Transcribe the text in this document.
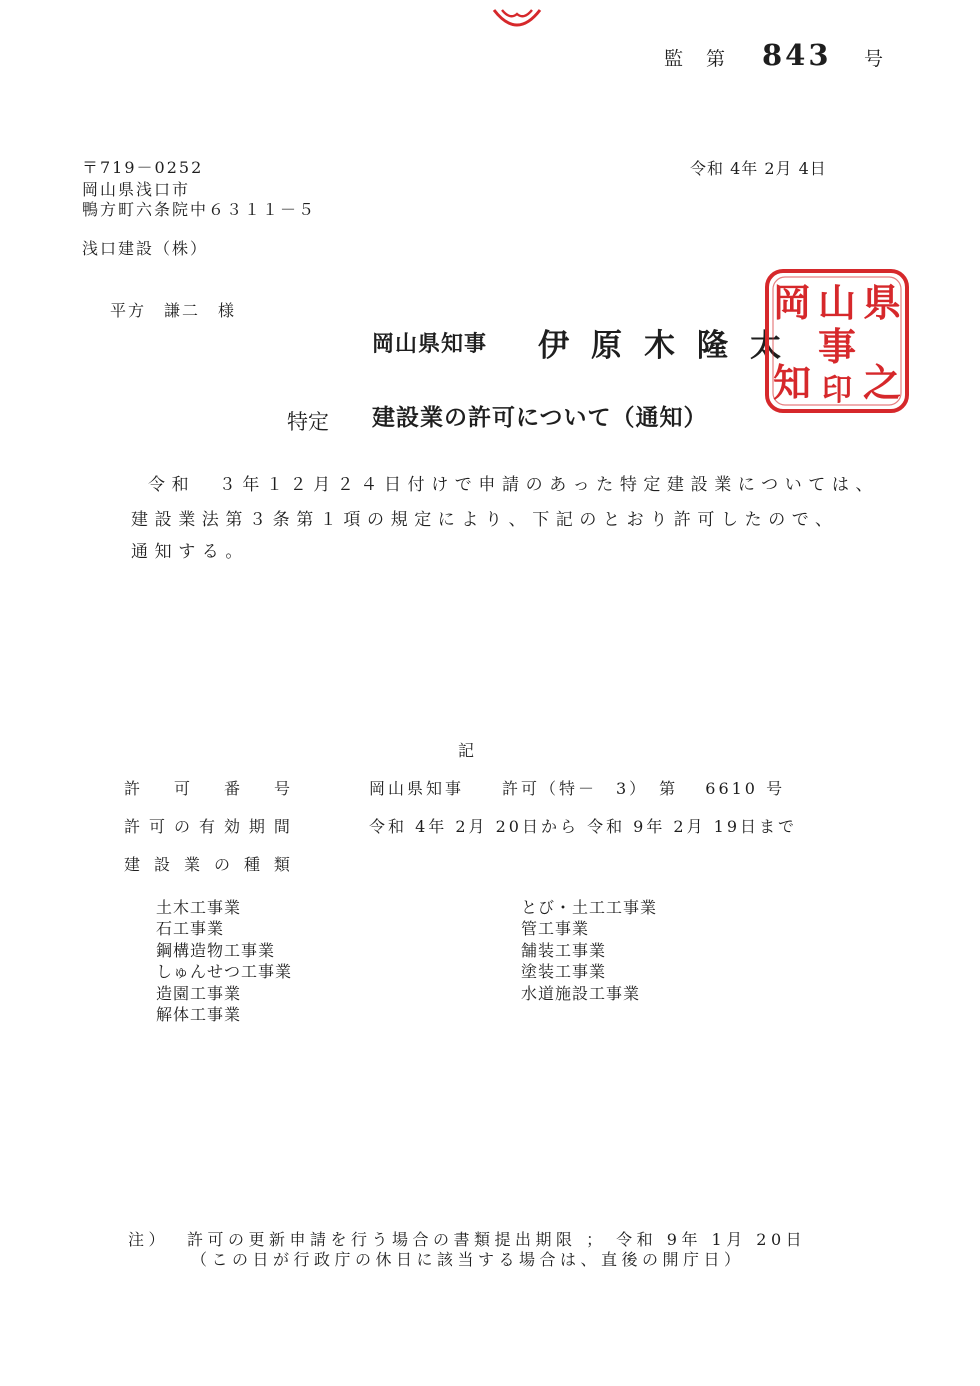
監 第 843 号
〒719－0252
岡山県浅口市
鴨方町六条院中６３１１－５
浅口建設（株）
令和 4年 2月 4日
平方　謙二　様
岡山県知事 伊原木隆太
県
山
岡
之
事
知 印
特定 建設業の許可について（通知）
令和　３年１２月２４日付けで申請のあった特定建設業については、
建設業法第３条第１項の規定により、下記のとおり許可したので、
通知する。
記
許 可 番 号	岡山県知事　　許可（特－　3）　第　 6610 号
許 可 の 有 効 期 間	令和 4年 2月 20日から 令和 9年 2月 19日まで
建 設 業 の 種 類
土木工事業
石工事業
鋼構造物工事業
しゅんせつ工事業
造園工事業
解体工事業
とび・土工工事業
管工事業
舗装工事業
塗装工事業
水道施設工事業
注） 許可の更新申請を行う場合の書類提出期限 ； 令和 9年 1月 20日
（この日が行政庁の休日に該当する場合は、直後の開庁日）
